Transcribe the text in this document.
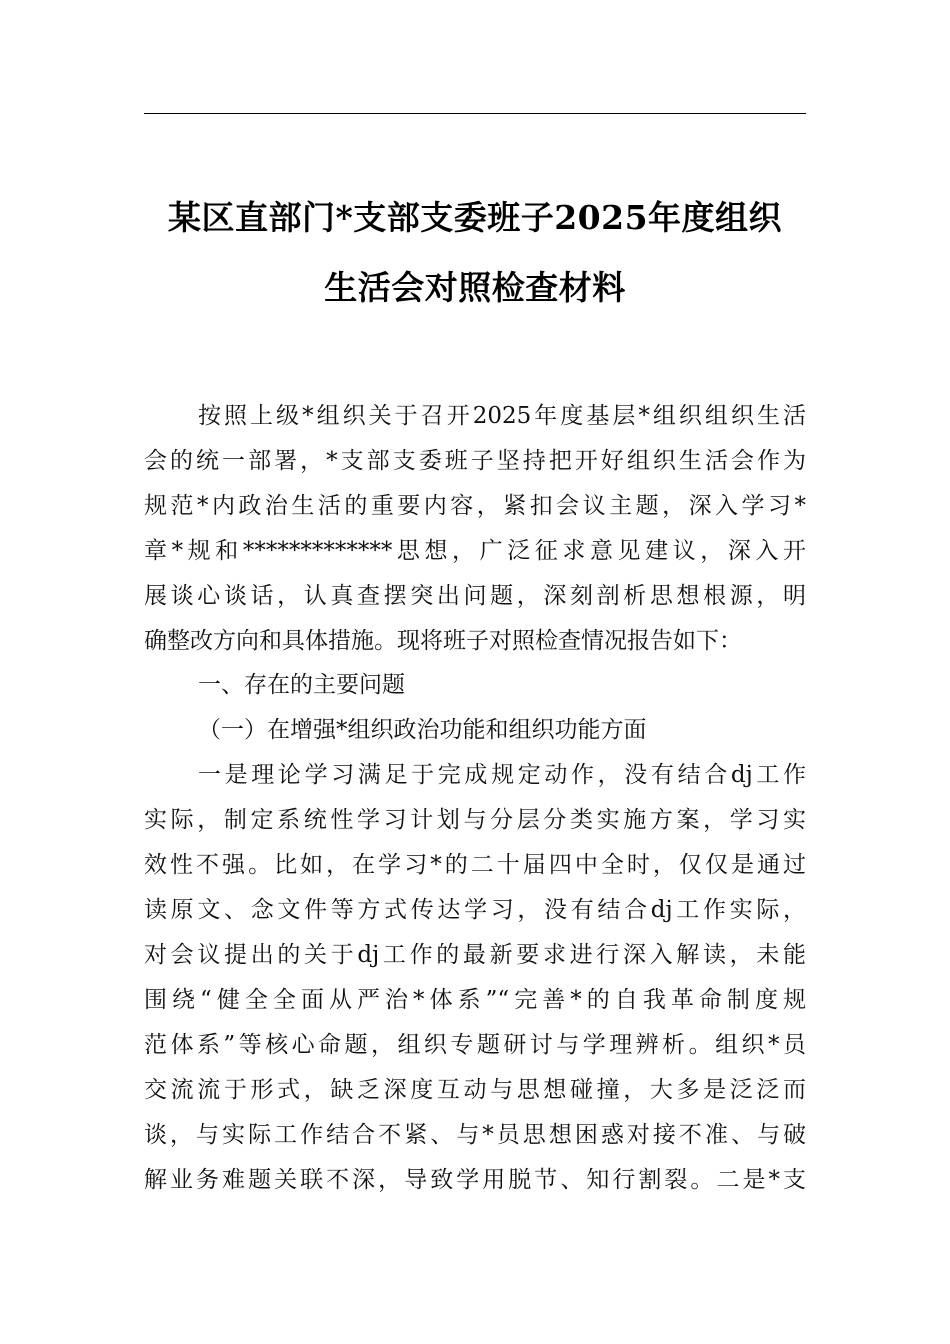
某区直部门*支部支委班子2025年度组织
生活会对照检查材料
按照上级*组织关于召开2025年度基层*组织组织生活
会的统一部署，*支部支委班子坚持把开好组织生活会作为
规范*内政治生活的重要内容，紧扣会议主题，深入学习*
章*规和*************思想，广泛征求意见建议，深入开
展谈心谈话，认真查摆突出问题，深刻剖析思想根源，明
确整改方向和具体措施。现将班子对照检查情况报告如下：
一、存在的主要问题
（一）在增强*组织政治功能和组织功能方面
一是理论学习满足于完成规定动作，没有结合dj工作
实际，制定系统性学习计划与分层分类实施方案，学习实
效性不强。比如，在学习*的二十届四中全时，仅仅是通过
读原文、念文件等方式传达学习，没有结合dj工作实际，
对会议提出的关于dj工作的最新要求进行深入解读，未能
围绕“健全全面从严治*体系”“完善*的自我革命制度规
范体系”等核心命题，组织专题研讨与学理辨析。组织*员
交流流于形式，缺乏深度互动与思想碰撞，大多是泛泛而
谈，与实际工作结合不紧、与*员思想困惑对接不准、与破
解业务难题关联不深，导致学用脱节、知行割裂。二是*支
